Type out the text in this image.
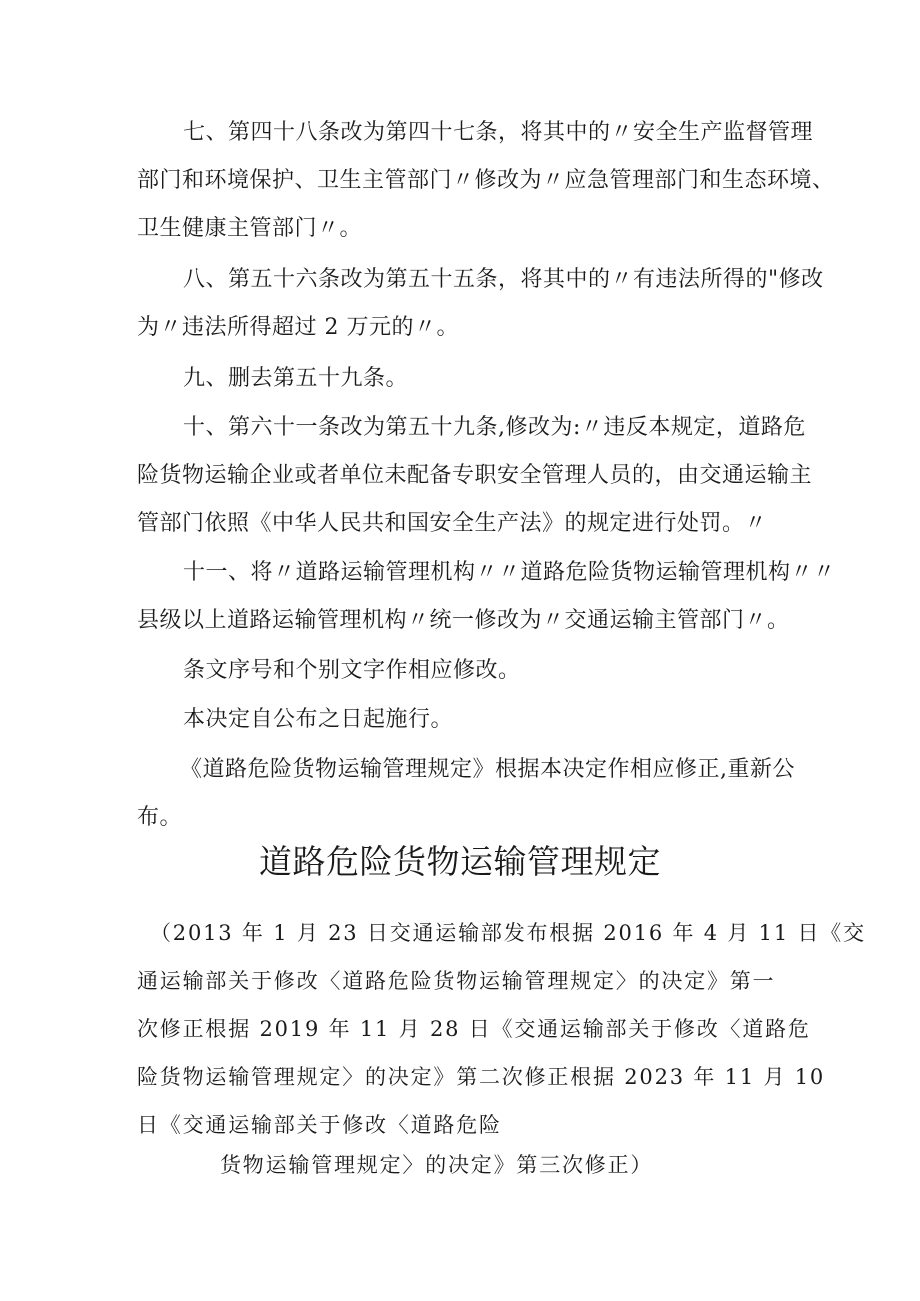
七、第四十八条改为第四十七条，将其中的〃安全生产监督管理
部门和环境保护、卫生主管部门〃修改为〃应急管理部门和生态环境、
卫生健康主管部门〃。
八、第五十六条改为第五十五条，将其中的〃有违法所得的"修改
为〃违法所得超过 2 万元的〃。
九、删去第五十九条。
十、第六十一条改为第五十九条,修改为:〃违反本规定，道路危
险货物运输企业或者单位未配备专职安全管理人员的，由交通运输主
管部门依照《中华人民共和国安全生产法》的规定进行处罚。〃
十一、将〃道路运输管理机构〃〃道路危险货物运输管理机构〃〃
县级以上道路运输管理机构〃统一修改为〃交通运输主管部门〃。
条文序号和个别文字作相应修改。
本决定自公布之日起施行。
《道路危险货物运输管理规定》根据本决定作相应修正,重新公
布。
道路危险货物运输管理规定
（2013 年 1 月 23 日交通运输部发布根据 2016 年 4 月 11 日《交
通运输部关于修改〈道路危险货物运输管理规定〉的决定》第一
次修正根据 2019 年 11 月 28 日《交通运输部关于修改〈道路危
险货物运输管理规定〉的决定》第二次修正根据 2023 年 11 月 10
日《交通运输部关于修改〈道路危险
货物运输管理规定〉的决定》第三次修正）
